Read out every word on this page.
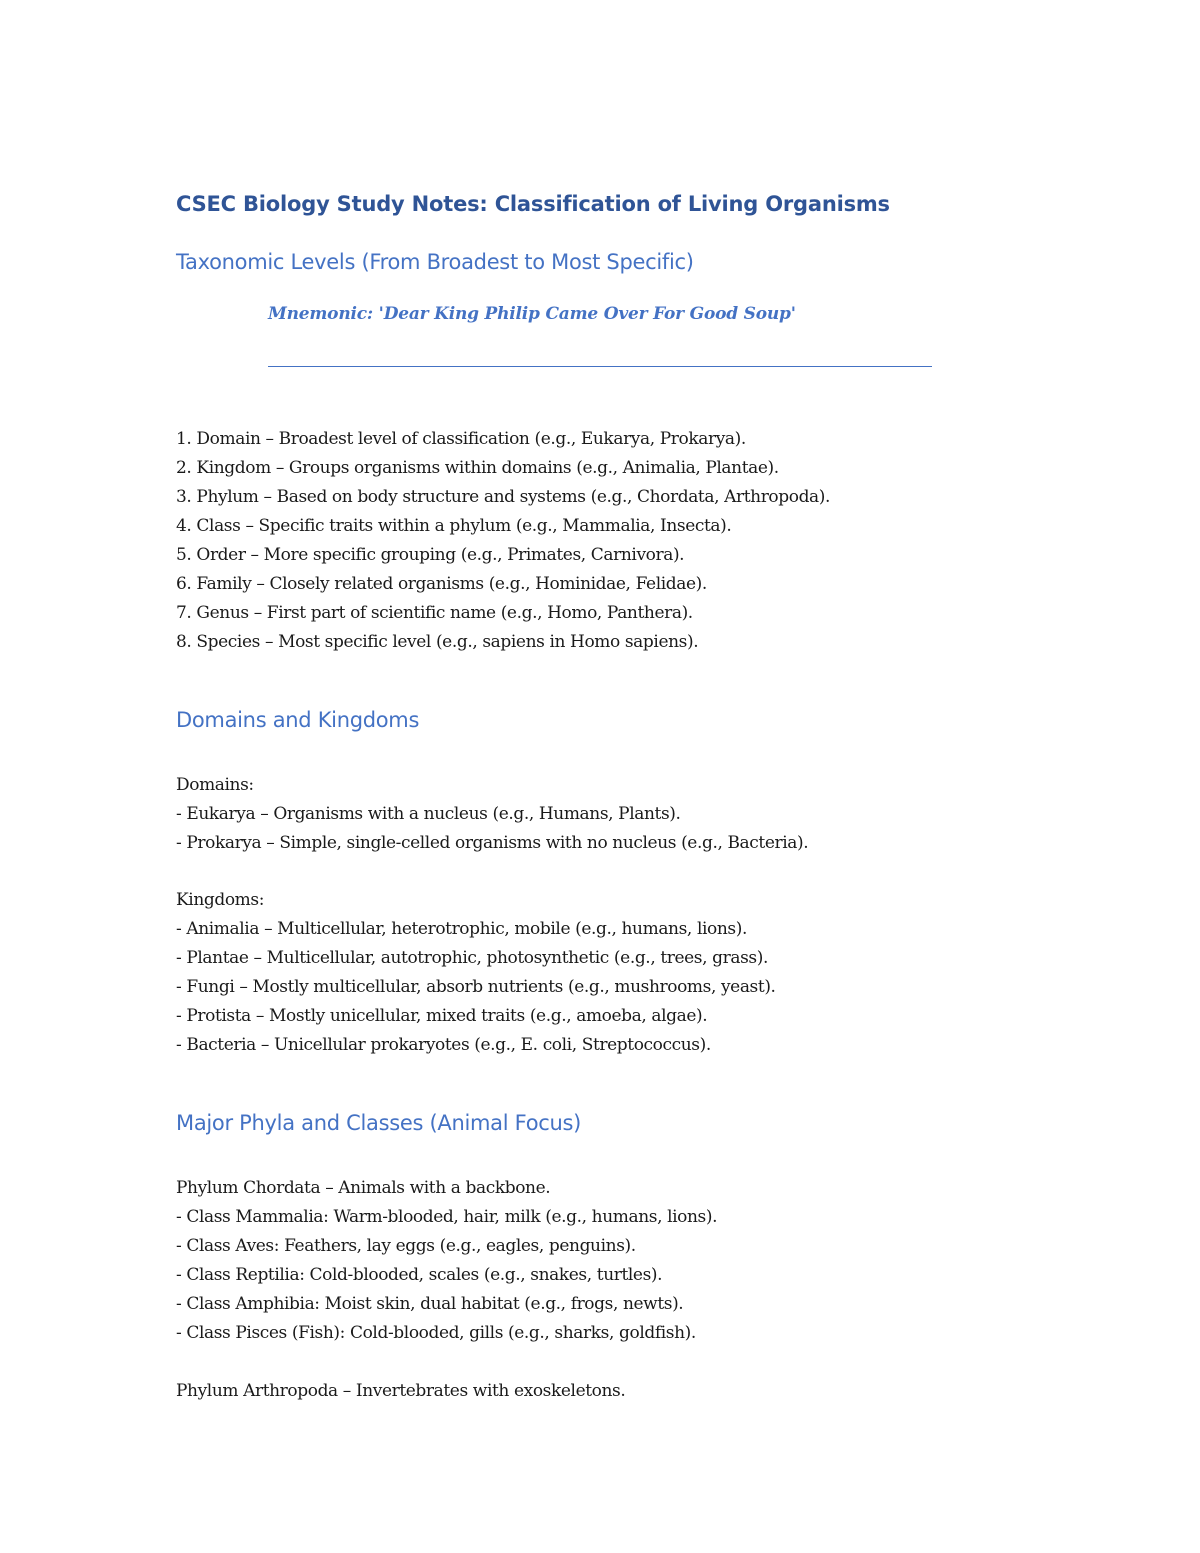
CSEC Biology Study Notes: Classification of Living Organisms
Taxonomic Levels (From Broadest to Most Specific)
Mnemonic: 'Dear King Philip Came Over For Good Soup'
1. Domain – Broadest level of classification (e.g., Eukarya, Prokarya).
2. Kingdom – Groups organisms within domains (e.g., Animalia, Plantae).
3. Phylum – Based on body structure and systems (e.g., Chordata, Arthropoda).
4. Class – Specific traits within a phylum (e.g., Mammalia, Insecta).
5. Order – More specific grouping (e.g., Primates, Carnivora).
6. Family – Closely related organisms (e.g., Hominidae, Felidae).
7. Genus – First part of scientific name (e.g., Homo, Panthera).
8. Species – Most specific level (e.g., sapiens in Homo sapiens).
Domains and Kingdoms
Domains:
- Eukarya – Organisms with a nucleus (e.g., Humans, Plants).
- Prokarya – Simple, single-celled organisms with no nucleus (e.g., Bacteria).
Kingdoms:
- Animalia – Multicellular, heterotrophic, mobile (e.g., humans, lions).
- Plantae – Multicellular, autotrophic, photosynthetic (e.g., trees, grass).
- Fungi – Mostly multicellular, absorb nutrients (e.g., mushrooms, yeast).
- Protista – Mostly unicellular, mixed traits (e.g., amoeba, algae).
- Bacteria – Unicellular prokaryotes (e.g., E. coli, Streptococcus).
Major Phyla and Classes (Animal Focus)
Phylum Chordata – Animals with a backbone.
- Class Mammalia: Warm-blooded, hair, milk (e.g., humans, lions).
- Class Aves: Feathers, lay eggs (e.g., eagles, penguins).
- Class Reptilia: Cold-blooded, scales (e.g., snakes, turtles).
- Class Amphibia: Moist skin, dual habitat (e.g., frogs, newts).
- Class Pisces (Fish): Cold-blooded, gills (e.g., sharks, goldfish).
Phylum Arthropoda – Invertebrates with exoskeletons.
